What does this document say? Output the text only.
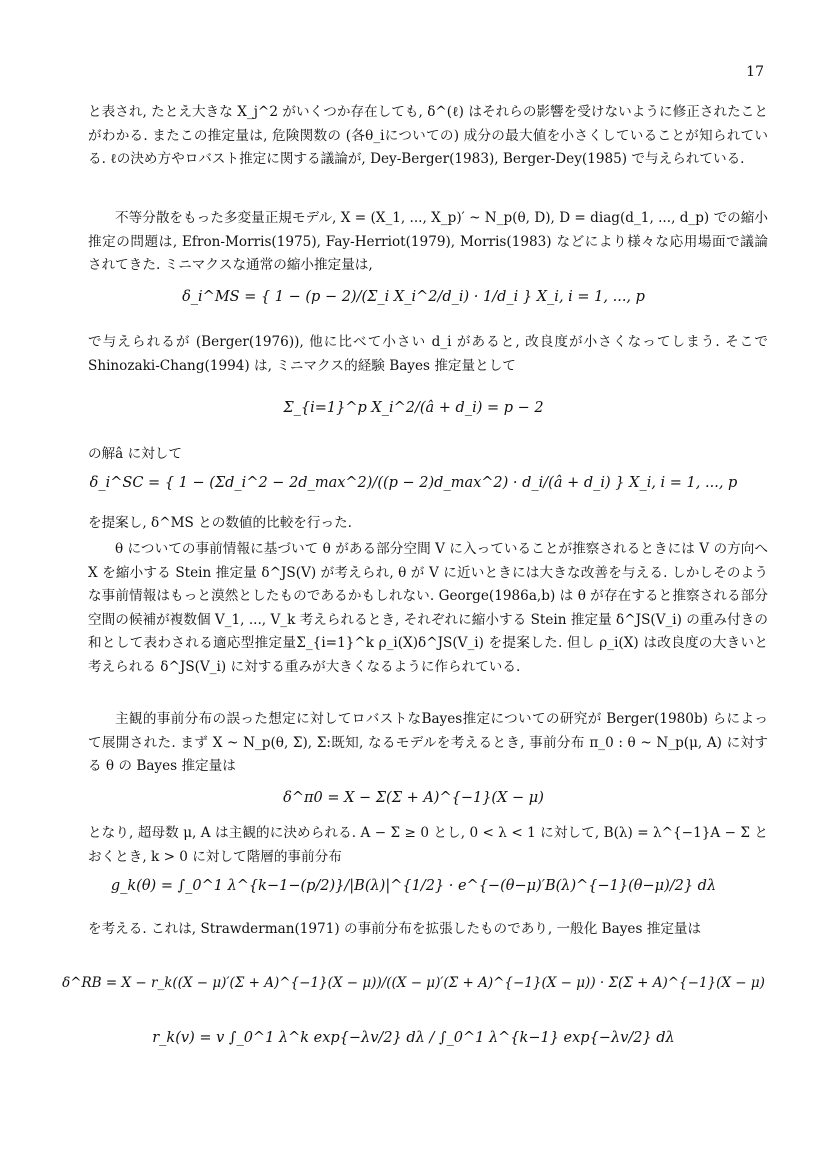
17

と表され, たとえ大きな X_j^2 がいくつか存在しても, δ^(ℓ) はそれらの影響を受けないように修正されたことがわかる. またこの推定量は, 危険関数の (各θ_iについての) 成分の最大値を小さくしていることが知られている. ℓの決め方やロバスト推定に関する議論が, Dey-Berger(1983), Berger-Dey(1985) で与えられている.

不等分散をもった多変量正規モデル, X = (X_1, ..., X_p)′ ~ N_p(θ, D), D = diag(d_1, ..., d_p) での縮小推定の問題は, Efron-Morris(1975), Fay-Herriot(1979), Morris(1983) などにより様々な応用場面で議論されてきた. ミニマクスな通常の縮小推定量は,

δ_i^MS = { 1 − (p − 2)/(Σ_i X_i^2/d_i) · 1/d_i } X_i, i = 1, ..., p

で与えられるが (Berger(1976)), 他に比べて小さい d_i があると, 改良度が小さくなってしまう. そこで Shinozaki-Chang(1994) は, ミニマクス的経験 Bayes 推定量として

Σ_{i=1}^p X_i^2/(â + d_i) = p − 2

の解â に対して

δ_i^SC = { 1 − (Σd_i^2 − 2d_max^2)/((p − 2)d_max^2) · d_i/(â + d_i) } X_i, i = 1, ..., p

を提案し, δ^MS との数値的比較を行った.

θ についての事前情報に基づいて θ がある部分空間 V に入っていることが推察されるときには V の方向へ X を縮小する Stein 推定量 δ^JS(V) が考えられ, θ が V に近いときには大きな改善を与える. しかしそのような事前情報はもっと漠然としたものであるかもしれない. George(1986a,b) は θ が存在すると推察される部分空間の候補が複数個 V_1, ..., V_k 考えられるとき, それぞれに縮小する Stein 推定量 δ^JS(V_i) の重み付きの和として表わされる適応型推定量Σ_{i=1}^k ρ_i(X)δ^JS(V_i) を提案した. 但し ρ_i(X) は改良度の大きいと考えられる δ^JS(V_i) に対する重みが大きくなるように作られている.

主観的事前分布の誤った想定に対してロバストなBayes推定についての研究が Berger(1980b) らによって展開された. まず X ~ N_p(θ, Σ), Σ:既知, なるモデルを考えるとき, 事前分布 π_0 : θ ~ N_p(μ, A) に対する θ の Bayes 推定量は

δ^π0 = X − Σ(Σ + A)^{−1}(X − μ)

となり, 超母数 μ, A は主観的に決められる. A − Σ ≥ 0 とし, 0 < λ < 1 に対して, B(λ) = λ^{−1}A − Σ とおくとき, k > 0 に対して階層的事前分布

g_k(θ) = ∫_0^1 λ^{k−1−(p/2)}/|B(λ)|^{1/2} · e^{−(θ−μ)′B(λ)^{−1}(θ−μ)/2} dλ

を考える. これは, Strawderman(1971) の事前分布を拡張したものであり, 一般化 Bayes 推定量は

δ^RB = X − r_k((X − μ)′(Σ + A)^{−1}(X − μ))/((X − μ)′(Σ + A)^{−1}(X − μ)) · Σ(Σ + A)^{−1}(X − μ)
r_k(v) = v ∫_0^1 λ^k exp{−λv/2} dλ / ∫_0^1 λ^{k−1} exp{−λv/2} dλ
